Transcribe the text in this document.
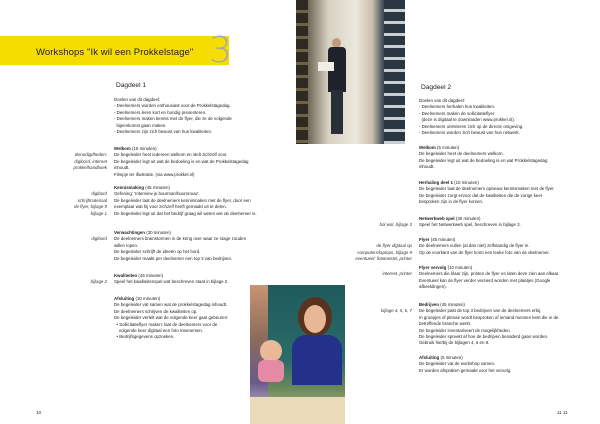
Workshops "Ik wil een Prokkelstage" 3
Dagdeel 1	Dagdeel 2
Doelen van dit dagdeel:
- Deelnemers worden enthousiast voor de Prokkelstagedag.
- Deelnemers leren kort en bondig presenteren.
- Deelnemers maken kennis met de flyer, die ze de volgende
bijeenkomst gaan maken.
- Deelnemers zijn zich bewust van hun kwaliteiten.
Welkom (15 minuten)
Benodigdheden:	De begeleider heet iedereen welkom en stelt zichzelf voor.
digibord, internet	De begeleider legt uit wat de bedoeling is en wat de Prokkelstagedag
prokkelhandboek	inhoudt.
Filmpje ter illustratie. (via www.prokkel.nl)
Kennismaking (45 minuten)
digibord	Oefening: 'Interview je buurman/buurvrouw'.
schrijfmateriaal	De begeleider laat de deelnemers kennismaken met de flyer, door een
de flyer, bijlage 9	exemplaar wat hij voor zichzelf heeft gemaakt uit te delen.
bijlage 1	De begeleider legt uit dat het bedrijf graag wil weten wie de deelnemer is.
Verwachtingen (30 minuten)
digibord	De deelnemers brainstormen in de kring over waar ze stage zouden
willen lopen.
De begeleider schrijft de ideeën op het bord.
De begeleider maakt per deelnemer een top 3 van bedrijven.
Kwaliteiten (45 minuten)
bijlage 2	Speel het kwaliteitenspel wat beschreven staat in bijlage 2.
Afsluiting (10 minuten)
De begeleider vat samen wat de prokkelstagedag inhoudt.
De deelnemers schrijven de kwaliteiten op.
De begeleider vertelt wat de volgende keer gaat gebeuren:
• Sollicitatieflyer maken: laat de deelnemers voor de
volgende keer digitaal een foto meenemen.
• Bedrijfsgegevens opzoeken.
Doelen van dit dagdeel:
- Deelnemers herhalen hun kwaliteiten.
- Deelnemers maken de sollicitatieflyer
(deze is digitaal te downloaden www.prokkel.nl).
- Deelnemers oriënteren zich op de directe omgeving.
- Deelnemers worden zich bewust van hun netwerk.
Welkom (5 minuten)
De begeleider heet de deelnemers welkom.
De begeleider legt uit wat de bedoeling is en wat Prokkelstagedag
inhoudt.
Herhaling deel 1 (10 minuten)
De begeleider laat de deelnemers opnieuw kennismaken met de flyer.
De begeleider zorgt ervoor dat de kwaliteiten die de vorige keer
besproken zijn in de flyer komen.
Netwerkweb spel (30 minuten)
bol wol, bijlage 3	Speel het Netwerkweb spel, beschreven in bijlage 3.
Flyer (45 minuten)
de flyer digitaal op	De deelnemers vullen (al dan niet) zelfstandig de flyer in.
computers/laptops, bijlage 9	Op de voorkant van de flyer komt een leuke foto van de deelnemer.
eventueel: fototoestel, printer
Flyer vervolg (10 minuten)
internet, printer	Deelnemers die klaar zijn, printen de flyer en laten deze zien aan elkaar.
Eventueel kan de flyer verder versierd worden met plaatjes (Google
afbeeldingen).
Bedrijven (45 minuten)
bijlage 4, 5, 6, 7	De begeleider pakt de top 3 bedrijven van de deelnemers erbij.
In groepjes of plenair wordt besproken of iemand mensen kent die in de
betreffende branche werkt.
De begeleider inventariseert de mogelijkheden.
De begeleider spreekt af hoe de bedrijven benaderd gaan worden.
Gebruik hierbij de bijlagen 4, 6 en 8.
Afsluiting (5 minuten)
De begeleider vat de workshop samen.
Er worden afspraken gemaakt voor het vervolg.
10	11 11
